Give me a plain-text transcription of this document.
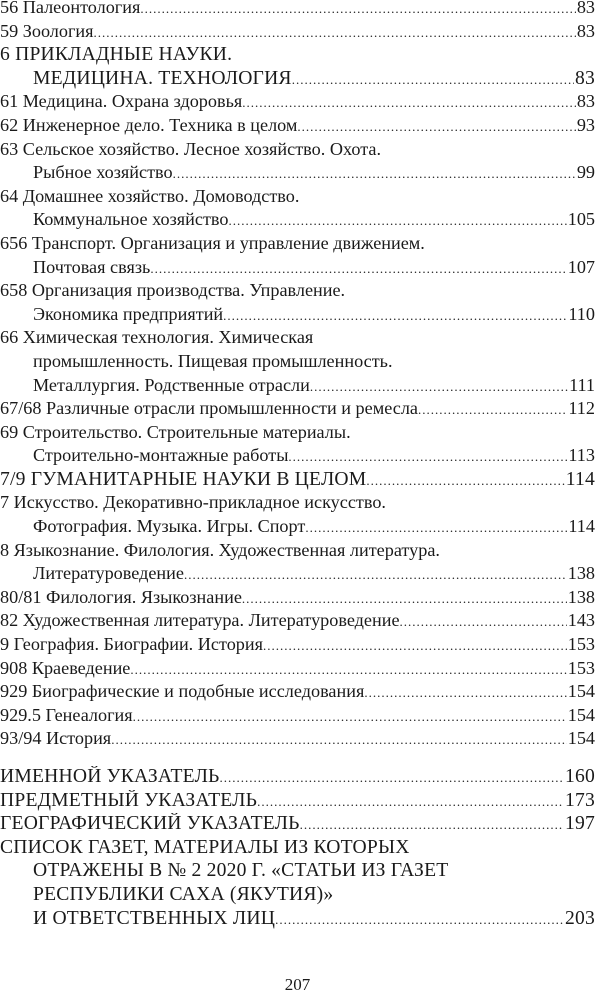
56 Палеонтология .....	83
59 Зоология .....	83
6 ПРИКЛАДНЫЕ НАУКИ.
МЕДИЦИНА. ТЕХНОЛОГИЯ .....	83
61 Медицина. Охрана здоровья .....	83
62 Инженерное дело. Техника в целом .....	93
63 Сельское хозяйство. Лесное хозяйство. Охота.
Рыбное хозяйство .....	99
64 Домашнее хозяйство. Домоводство.
Коммунальное хозяйство .....	105
656 Транспорт. Организация и управление движением.
Почтовая связь .....	107
658 Организация производства. Управление.
Экономика предприятий .....	110
66 Химическая технология. Химическая
промышленность. Пищевая промышленность.
Металлургия. Родственные отрасли .....	111
67/68 Различные отрасли промышленности и ремесла .....	112
69 Строительство. Строительные материалы.
Строительно-монтажные работы .....	113
7/9 ГУМАНИТАРНЫЕ НАУКИ В ЦЕЛОМ .....	114
7 Искусство. Декоративно-прикладное искусство.
Фотография. Музыка. Игры. Спорт .....	114
8 Языкознание. Филология. Художественная литература.
Литературоведение .....	138
80/81 Филология. Языкознание .....	138
82 Художественная литература. Литературоведение .....	143
9 География. Биографии. История .....	153
908 Краеведение .....	153
929 Биографические и подобные исследования .....	154
929.5 Генеалогия .....	154
93/94 История .....	154
ИМЕННОЙ УКАЗАТЕЛЬ .....	160
ПРЕДМЕТНЫЙ УКАЗАТЕЛЬ .....	173
ГЕОГРАФИЧЕСКИЙ УКАЗАТЕЛЬ .....	197
СПИСОК ГАЗЕТ, МАТЕРИАЛЫ ИЗ КОТОРЫХ
ОТРАЖЕНЫ В № 2 2020 Г. «СТАТЬИ ИЗ ГАЗЕТ
РЕСПУБЛИКИ САХА (ЯКУТИЯ)»
И ОТВЕТСТВЕННЫХ ЛИЦ .....	203
207
